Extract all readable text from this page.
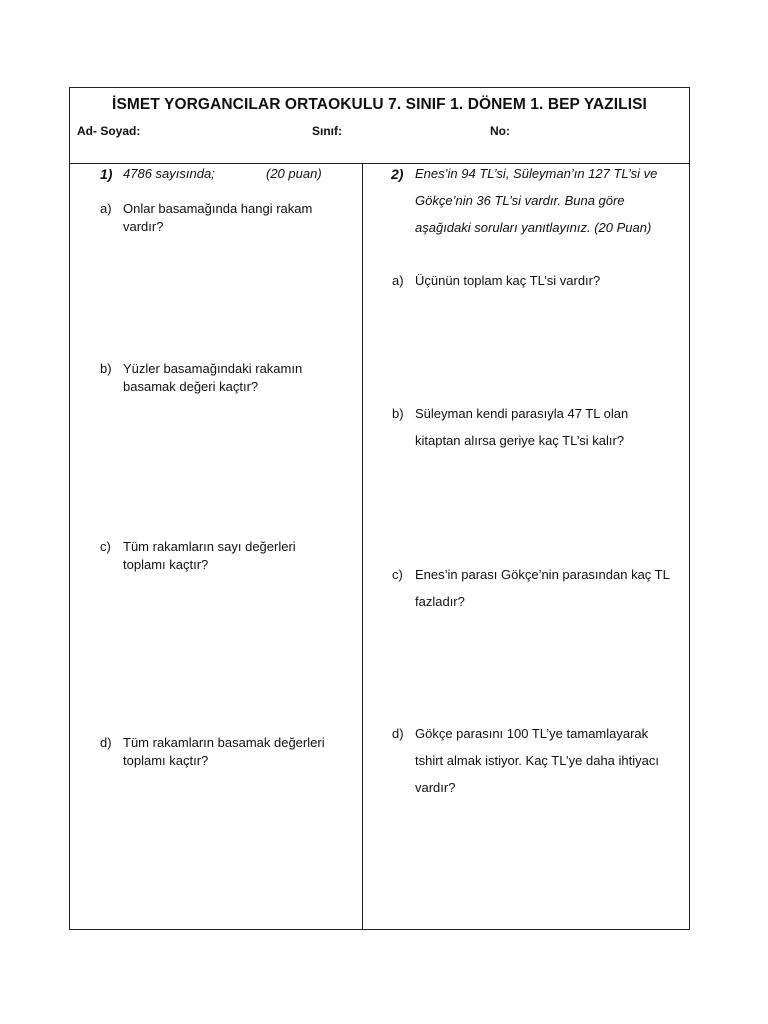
İSMET YORGANCILAR ORTAOKULU 7. SINIF 1. DÖNEM 1. BEP YAZILISI
Ad- Soyad:	Sınıf:	No:
1) 4786 sayısında;	(20 puan)
a) Onlar basamağında hangi rakam
vardır?
b) Yüzler basamağındaki rakamın
basamak değeri kaçtır?
c) Tüm rakamların sayı değerleri
toplamı kaçtır?
d) Tüm rakamların basamak değerleri
toplamı kaçtır?
2) Enes’in 94 TL’si, Süleyman’ın 127 TL’si ve
Gökçe’nin 36 TL’si vardır. Buna göre
aşağıdaki soruları yanıtlayınız. (20 Puan)
a) Üçünün toplam kaç TL’si vardır?
b) Süleyman kendi parasıyla 47 TL olan
kitaptan alırsa geriye kaç TL’si kalır?
c) Enes’in parası Gökçe’nin parasından kaç TL
fazladır?
d) Gökçe parasını 100 TL’ye tamamlayarak
tshirt almak istiyor. Kaç TL’ye daha ihtiyacı
vardır?
